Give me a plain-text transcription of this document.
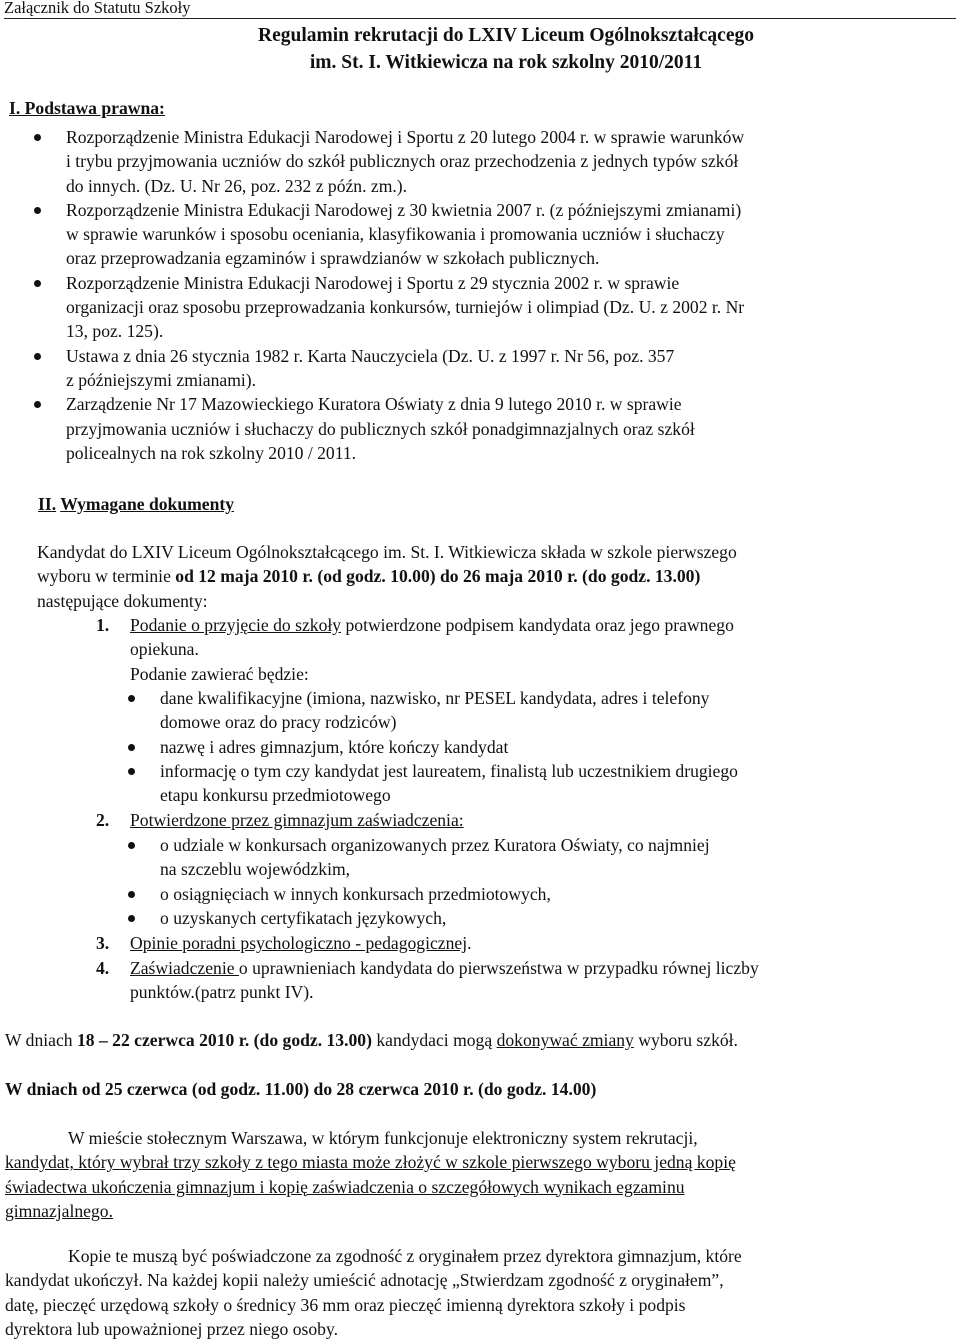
Załącznik do Statutu Szkoły
Regulamin rekrutacji do LXIV Liceum Ogólnokształcącego
im. St. I. Witkiewicza na rok szkolny 2010/2011
I. Podstawa prawna:
Rozporządzenie Ministra Edukacji Narodowej i Sportu z 20 lutego 2004 r. w sprawie warunków
i trybu przyjmowania uczniów do szkół publicznych oraz przechodzenia z jednych typów szkół
do innych. (Dz. U. Nr 26, poz. 232 z późn. zm.).
Rozporządzenie Ministra Edukacji Narodowej z 30 kwietnia 2007 r. (z późniejszymi zmianami)
w sprawie warunków i sposobu oceniania, klasyfikowania i promowania uczniów i słuchaczy
oraz przeprowadzania egzaminów i sprawdzianów w szkołach publicznych.
Rozporządzenie Ministra Edukacji Narodowej i Sportu z 29 stycznia 2002 r. w sprawie
organizacji oraz sposobu przeprowadzania konkursów, turniejów i olimpiad (Dz. U. z 2002 r. Nr
13, poz. 125).
Ustawa z dnia 26 stycznia 1982 r. Karta Nauczyciela (Dz. U. z 1997 r. Nr 56, poz. 357
z późniejszymi zmianami).
Zarządzenie Nr 17 Mazowieckiego Kuratora Oświaty z dnia 9 lutego 2010 r. w sprawie
przyjmowania uczniów i słuchaczy do publicznych szkół ponadgimnazjalnych oraz szkół
policealnych na rok szkolny 2010 / 2011.
II. Wymagane dokumenty
Kandydat do LXIV Liceum Ogólnokształcącego im. St. I. Witkiewicza składa w szkole pierwszego
wyboru w terminie od 12 maja 2010 r. (od godz. 10.00) do 26 maja 2010 r. (do godz. 13.00)
następujące dokumenty:
1. Podanie o przyjęcie do szkoły potwierdzone podpisem kandydata oraz jego prawnego
opiekuna.
Podanie zawierać będzie:
dane kwalifikacyjne (imiona, nazwisko, nr PESEL kandydata, adres i telefony
domowe oraz do pracy rodziców)
nazwę i adres gimnazjum, które kończy kandydat
informację o tym czy kandydat jest laureatem, finalistą lub uczestnikiem drugiego
etapu konkursu przedmiotowego
2. Potwierdzone przez gimnazjum zaświadczenia:
o udziale w konkursach organizowanych przez Kuratora Oświaty, co najmniej
na szczeblu wojewódzkim,
o osiągnięciach w innych konkursach przedmiotowych,
o uzyskanych certyfikatach językowych,
3. Opinie poradni psychologiczno - pedagogicznej.
4. Zaświadczenie o uprawnieniach kandydata do pierwszeństwa w przypadku równej liczby
punktów.(patrz punkt IV).
W dniach 18 – 22 czerwca 2010 r. (do godz. 13.00) kandydaci mogą dokonywać zmiany wyboru szkół.
W dniach od 25 czerwca (od godz. 11.00) do 28 czerwca 2010 r. (do godz. 14.00)
W mieście stołecznym Warszawa, w którym funkcjonuje elektroniczny system rekrutacji,
kandydat, który wybrał trzy szkoły z tego miasta może złożyć w szkole pierwszego wyboru jedną kopię
świadectwa ukończenia gimnazjum i kopię zaświadczenia o szczegółowych wynikach egzaminu
gimnazjalnego.
Kopie te muszą być poświadczone za zgodność z oryginałem przez dyrektora gimnazjum, które
kandydat ukończył. Na każdej kopii należy umieścić adnotację „Stwierdzam zgodność z oryginałem”,
datę, pieczęć urzędową szkoły o średnicy 36 mm oraz pieczęć imienną dyrektora szkoły i podpis
dyrektora lub upoważnionej przez niego osoby.
